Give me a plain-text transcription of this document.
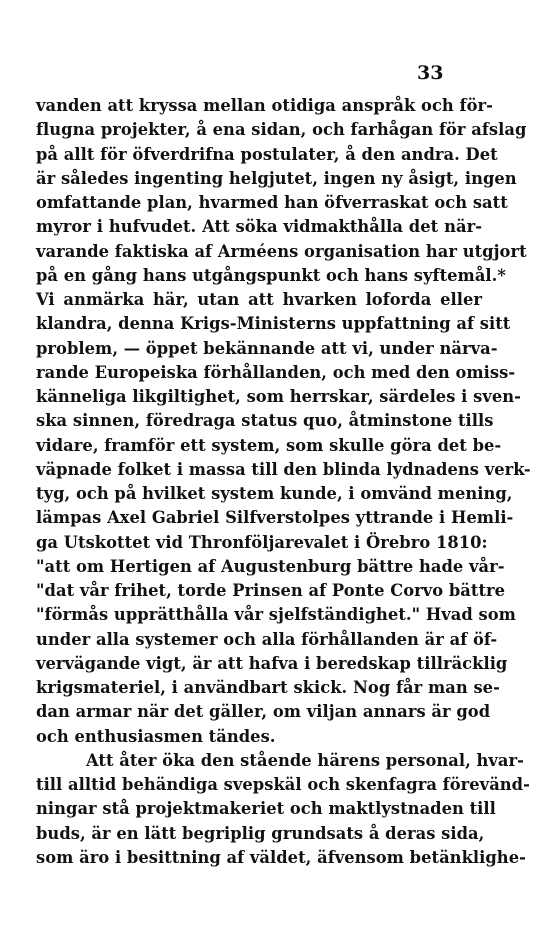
33
vanden att kryssa mellan otidiga anspråk och för-
flugna projekter, å ena sidan, och farhågan för afslag
på allt för öfverdrifna postulater, å den andra. Det
är således ingenting helgjutet, ingen ny åsigt, ingen
omfattande plan, hvarmed han öfverraskat och satt
myror i hufvudet. Att söka vidmakthålla det när-
varande faktiska af Arméens organisation har utgjort
på en gång hans utgångspunkt och hans syftemål.*
Vi anmärka här, utan att hvarken loforda eller
klandra, denna Krigs-Ministerns uppfattning af sitt
problem, — öppet bekännande att vi, under närva-
rande Europeiska förhållanden, och med den omiss-
känneliga likgiltighet, som herrskar, särdeles i sven-
ska sinnen, föredraga status quo, åtminstone tills
vidare, framför ett system, som skulle göra det be-
väpnade folket i massa till den blinda lydnadens verk-
tyg, och på hvilket system kunde, i omvänd mening,
lämpas Axel Gabriel Silfverstolpes yttrande i Hemli-
ga Utskottet vid Thronföljarevalet i Örebro 1810:
"att om Hertigen af Augustenburg bättre hade vår-
"dat vår frihet, torde Prinsen af Ponte Corvo bättre
"förmås upprätthålla vår sjelfständighet." Hvad som
under alla systemer och alla förhållanden är af öf-
vervägande vigt, är att hafva i beredskap tillräcklig
krigsmateriel, i användbart skick. Nog får man se-
dan armar när det gäller, om viljan annars är god
och enthusiasmen tändes.
Att åter öka den stående härens personal, hvar-
till alltid behändiga svepskäl och skenfagra förevänd-
ningar stå projektmakeriet och maktlystnaden till
buds, är en lätt begriplig grundsats å deras sida,
som äro i besittning af väldet, äfvensom betänklighe-
